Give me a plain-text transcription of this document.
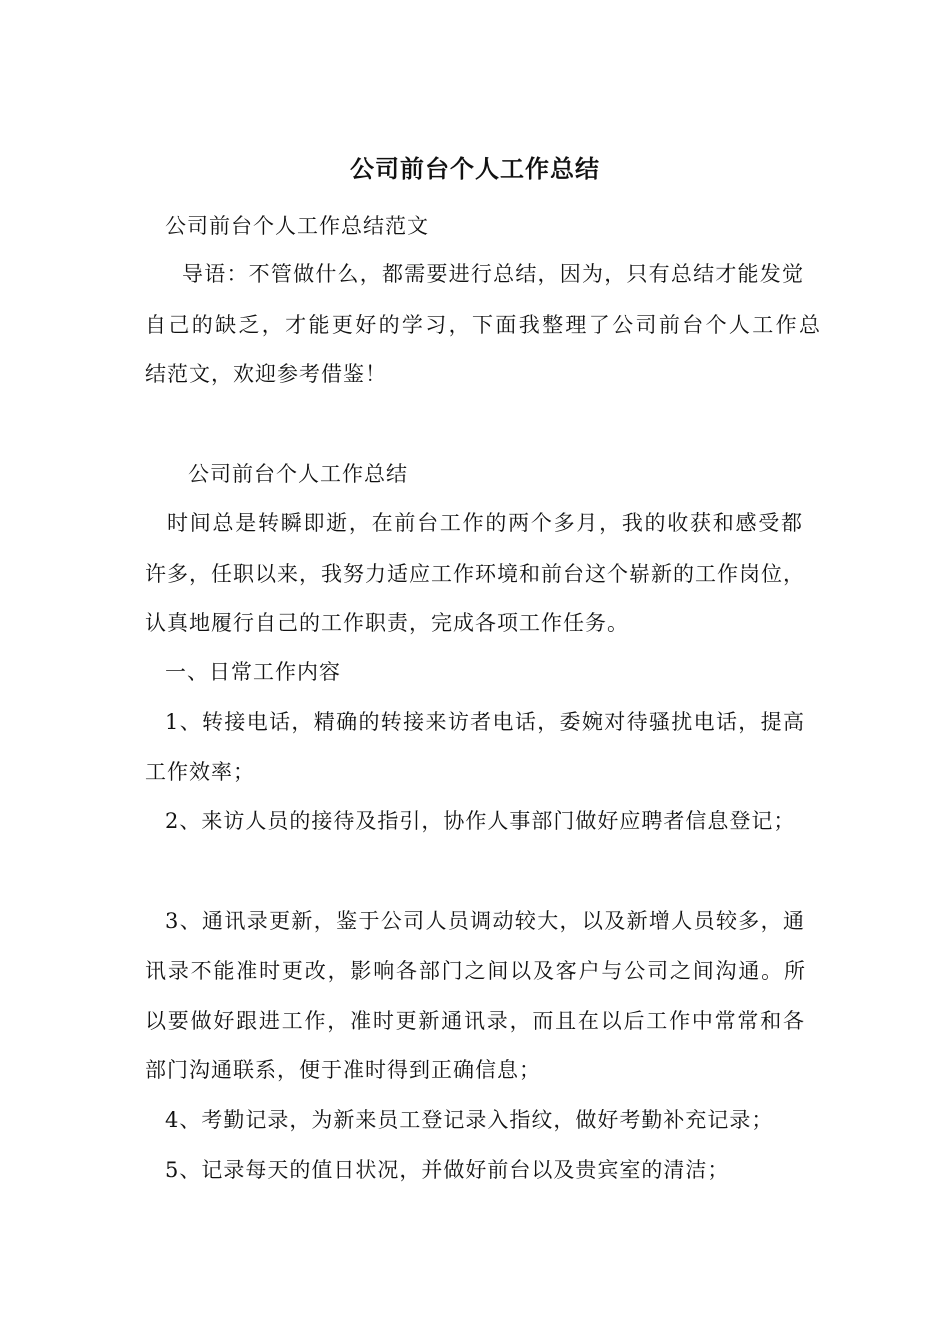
公司前台个人工作总结
公司前台个人工作总结范文
导语：不管做什么，都需要进行总结，因为，只有总结才能发觉
自己的缺乏，才能更好的学习，下面我整理了公司前台个人工作总
结范文，欢迎参考借鉴！
公司前台个人工作总结
时间总是转瞬即逝，在前台工作的两个多月，我的收获和感受都
许多，任职以来，我努力适应工作环境和前台这个崭新的工作岗位，
认真地履行自己的工作职责，完成各项工作任务。
一、日常工作内容
1、转接电话，精确的转接来访者电话，委婉对待骚扰电话，提高
工作效率；
2、来访人员的接待及指引，协作人事部门做好应聘者信息登记；
3、通讯录更新，鉴于公司人员调动较大，以及新增人员较多，通
讯录不能准时更改，影响各部门之间以及客户与公司之间沟通。所
以要做好跟进工作，准时更新通讯录，而且在以后工作中常常和各
部门沟通联系，便于准时得到正确信息；
4、考勤记录，为新来员工登记录入指纹，做好考勤补充记录；
5、记录每天的值日状况，并做好前台以及贵宾室的清洁；
